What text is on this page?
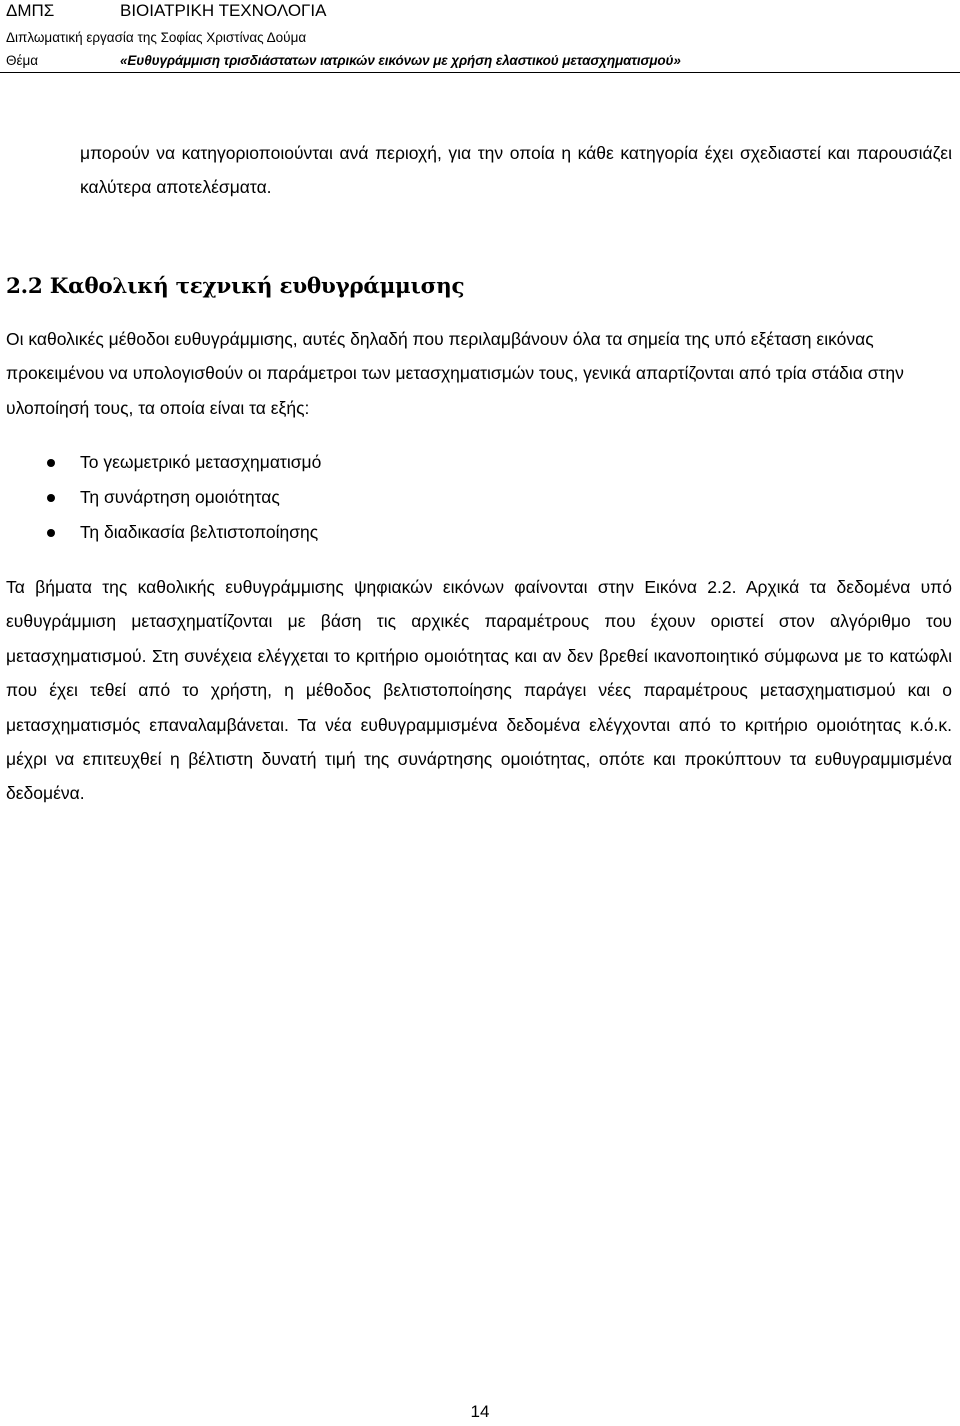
ΔΜΠΣ	ΒΙΟΙΑΤΡΙΚΗ ΤΕΧΝΟΛΟΓΙΑ
Διπλωματική εργασία της Σοφίας Χριστίνας Δούμα
Θέμα	«Ευθυγράμμιση τρισδιάστατων ιατρικών εικόνων με χρήση ελαστικού μετασχηματισμού»

μπορούν να κατηγοριοποιούνται ανά περιοχή, για την οποία η κάθε κατηγορία έχει σχεδιαστεί και παρουσιάζει καλύτερα αποτελέσματα.

2.2 Καθολική τεχνική ευθυγράμμισης

Οι καθολικές μέθοδοι ευθυγράμμισης, αυτές δηλαδή που περιλαμβάνουν όλα τα σημεία της υπό εξέταση εικόνας προκειμένου να υπολογισθούν οι παράμετροι των μετασχηματισμών τους, γενικά απαρτίζονται από τρία στάδια στην υλοποίησή τους, τα οποία είναι τα εξής:

Το γεωμετρικό μετασχηματισμό
Τη συνάρτηση ομοιότητας
Τη διαδικασία βελτιστοποίησης

Τα βήματα της καθολικής ευθυγράμμισης ψηφιακών εικόνων φαίνονται στην Εικόνα 2.2. Αρχικά τα δεδομένα υπό ευθυγράμμιση μετασχηματίζονται με βάση τις αρχικές παραμέτρους που έχουν οριστεί στον αλγόριθμο του μετασχηματισμού. Στη συνέχεια ελέγχεται το κριτήριο ομοιότητας και αν δεν βρεθεί ικανοποιητικό σύμφωνα με το κατώφλι που έχει τεθεί από το χρήστη, η μέθοδος βελτιστοποίησης παράγει νέες παραμέτρους μετασχηματισμού και ο μετασχηματισμός επαναλαμβάνεται. Τα νέα ευθυγραμμισμένα δεδομένα ελέγχονται από το κριτήριο ομοιότητας κ.ό.κ. μέχρι να επιτευχθεί η βέλτιστη δυνατή τιμή της συνάρτησης ομοιότητας, οπότε και προκύπτουν τα ευθυγραμμισμένα δεδομένα.

14
